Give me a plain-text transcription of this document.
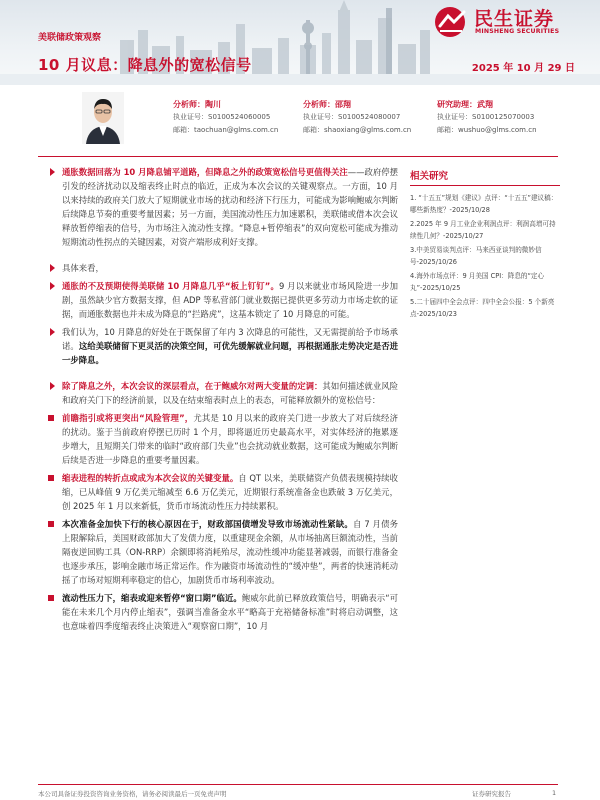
美联储政策观察
10 月议息：降息外的宽松信号	2025 年 10 月 29 日
民生证券
MINSHENG SECURITIES
分析师：陶川
执业证号：S0100524060005
邮箱：taochuan@glms.com.cn
分析师：邵翔
执业证号：S0100524080007
邮箱：shaoxiang@glms.com.cn
研究助理：武翔
执业证号：S0100125070003
邮箱：wushuo@glms.com.cn
通胀数据回落为 10 月降息铺平道路，但降息之外的政策宽松信号更值得关注——政府停摆引发的经济扰动以及缩表终止时点的临近，正成为本次会议的关键观察点。一方面，10 月以来持续的政府关门放大了短期就业市场的扰动和经济下行压力，可能成为影响鲍威尔判断后续降息节奏的重要考量因素；另一方面，美国流动性压力加速累积，美联储或借本次会议释放暂停缩表的信号，为市场注入流动性支撑。“降息+暂停缩表”的双向宽松可能成为推动短期流动性拐点的关键因素，对资产端形成利好支撑。
具体来看，
通胀的不及预期使得美联储 10 月降息几乎“板上钉钉”。9 月以来就业市场风险进一步加剧，虽然缺少官方数据支撑，但 ADP 等私营部门就业数据已提供更多劳动力市场走软的证据，而通胀数据也并未成为降息的“拦路虎”，这基本锁定了 10 月降息的可能。
我们认为，10 月降息的好处在于既保留了年内 3 次降息的可能性，又无需提前给予市场承诺。这给美联储留下更灵活的决策空间，可优先缓解就业问题，再根据通胀走势决定是否进一步降息。
除了降息之外，本次会议的深层看点，在于鲍威尔对两大变量的定调：其如何描述就业风险和政府关门下的经济前景，以及在结束缩表时点上的表态，可能释放额外的宽松信号：
前瞻指引或将更突出“风险管理”，尤其是 10 月以来的政府关门进一步放大了对后续经济的扰动。鉴于当前政府停摆已历时 1 个月，即将逼近历史最高水平，对实体经济的拖累逐步增大，且短期关门带来的临时“政府部门失业”也会扰动就业数据，这可能成为鲍威尔判断后续是否进一步降息的重要考量因素。
缩表进程的转折点或成为本次会议的关键变量。自 QT 以来，美联储资产负债表规模持续收缩，已从峰值 9 万亿美元缩减至 6.6 万亿美元，近期银行系统准备金也跌破 3 万亿美元，创 2025 年 1 月以来新低，货币市场流动性压力持续累积。
本次准备金加快下行的核心原因在于，财政部国债增发导致市场流动性紧缺。自 7 月债务上限解除后，美国财政部加大了发债力度，以重建现金余额，从市场抽离巨额流动性，当前隔夜逆回购工具（ON-RRP）余额即将消耗殆尽，流动性缓冲功能显著减弱，而银行准备金也逐步承压，影响金融市场正常运作。作为融资市场流动性的“缓冲垫”，两者的快速消耗动摇了市场对短期利率稳定的信心，加剧货币市场利率波动。
流动性压力下，缩表或迎来暂停“窗口期”临近。鲍威尔此前已释放政策信号，明确表示“可能在未来几个月内停止缩表”，强调当准备金水平“略高于充裕储备标准”时将启动调整，这也意味着四季度缩表终止决策进入“观察窗口期”，10 月
相关研究
1. “十五五”规划《建议》点评：“十五五”建议稿：哪些新热度？-2025/10/28
2.2025 年 9 月工业企业利润点评：利润高增可持续性几何？-2025/10/27
3.中美贸易谈判点评：马来西亚谈判的微妙信号-2025/10/26
4.海外市场点评：9 月美国 CPI：降息的“定心丸”-2025/10/25
5.二十届四中全会点评：四中全会公报：5 个新亮点-2025/10/23
本公司具备证券投资咨询业务资格，请务必阅读最后一页免责声明	证券研究报告	1
